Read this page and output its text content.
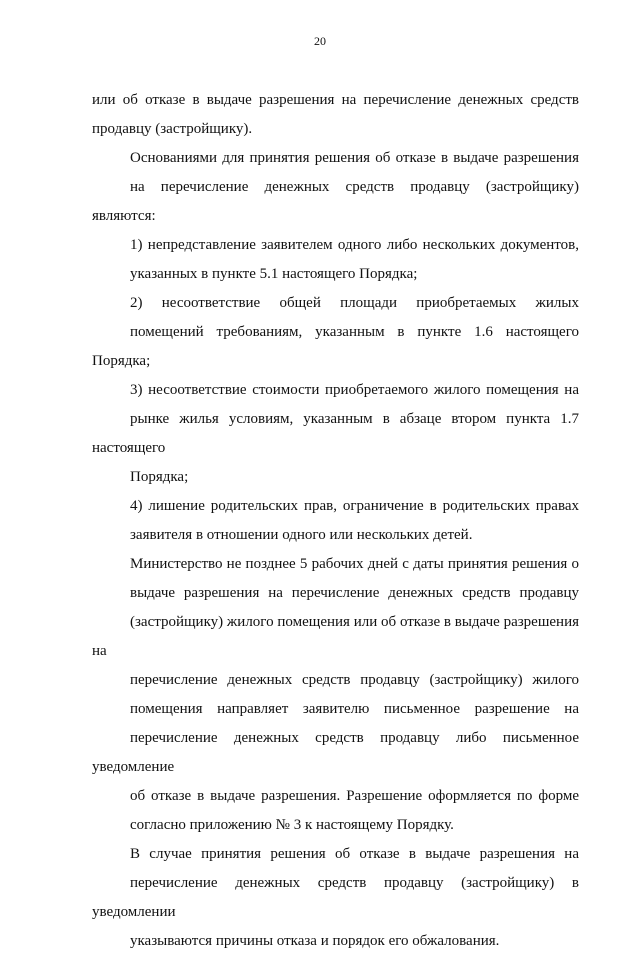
20

или об отказе в выдаче разрешения на перечисление денежных средств
продавцу (застройщику).

Основаниями для принятия решения об отказе в выдаче разрешения
на перечисление денежных средств продавцу (застройщику) являются:

1) непредставление заявителем одного либо нескольких документов,
указанных в пункте 5.1 настоящего Порядка;

2) несоответствие общей площади приобретаемых жилых
помещений требованиям, указанным в пункте 1.6 настоящего Порядка;

3) несоответствие стоимости приобретаемого жилого помещения на
рынке жилья условиям, указанным в абзаце втором пункта 1.7 настоящего
Порядка;

4) лишение родительских прав, ограничение в родительских правах
заявителя в отношении одного или нескольких детей.

Министерство не позднее 5 рабочих дней с даты принятия решения о
выдаче разрешения на перечисление денежных средств продавцу
(застройщику) жилого помещения или об отказе в выдаче разрешения на
перечисление денежных средств продавцу (застройщику) жилого
помещения направляет заявителю письменное разрешение на
перечисление денежных средств продавцу либо письменное уведомление
об отказе в выдаче разрешения. Разрешение оформляется по форме
согласно приложению № 3 к настоящему Порядку.

В случае принятия решения об отказе в выдаче разрешения на
перечисление денежных средств продавцу (застройщику) в уведомлении
указываются причины отказа и порядок его обжалования.
